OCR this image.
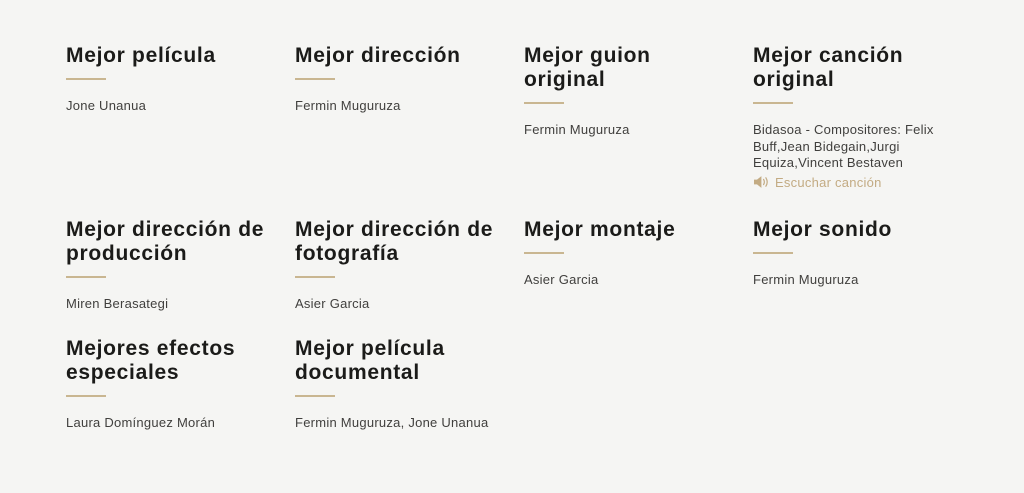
Mejor película

Jone Unanua

Mejor dirección

Fermin Muguruza

Mejor guion original

Fermin Muguruza

Mejor canción original

Bidasoa - Compositores: Felix Buff,Jean Bidegain,Jurgi Equiza,Vincent Bestaven

Escuchar canción
Mejor dirección de producción

Miren Berasategi

Mejor dirección de fotografía

Asier Garcia

Mejor montaje

Asier Garcia

Mejor sonido

Fermin Muguruza

Mejores efectos especiales

Laura Domínguez Morán

Mejor película documental

Fermin Muguruza, Jone Unanua
